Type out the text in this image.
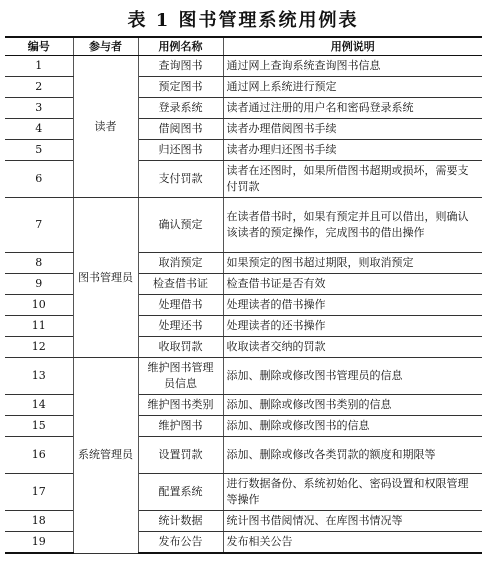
表 1 图书管理系统用例表
编号	参与者	用例名称	用例说明
1	读者	查询图书	通过网上查询系统查询图书信息
2		预定图书	通过网上系统进行预定
3		登录系统	读者通过注册的用户名和密码登录系统
4		借阅图书	读者办理借阅图书手续
5		归还图书	读者办理归还图书手续
6		支付罚款	读者在还图时，如果所借图书超期或损坏，需要支付罚款
7	图书管理员	确认预定	在读者借书时，如果有预定并且可以借出，则确认该读者的预定操作，完成图书的借出操作
8		取消预定	如果预定的图书超过期限，则取消预定
9		检查借书证	检查借书证是否有效
10		处理借书	处理读者的借书操作
11		处理还书	处理读者的还书操作
12		收取罚款	收取读者交纳的罚款
13	系统管理员	维护图书管理员信息	添加、删除或修改图书管理员的信息
14		维护图书类别	添加、删除或修改图书类别的信息
15		维护图书	添加、删除或修改图书的信息
16		设置罚款	添加、删除或修改各类罚款的额度和期限等
17		配置系统	进行数据备份、系统初始化、密码设置和权限管理等操作
18		统计数据	统计图书借阅情况、在库图书情况等
19		发布公告	发布相关公告
